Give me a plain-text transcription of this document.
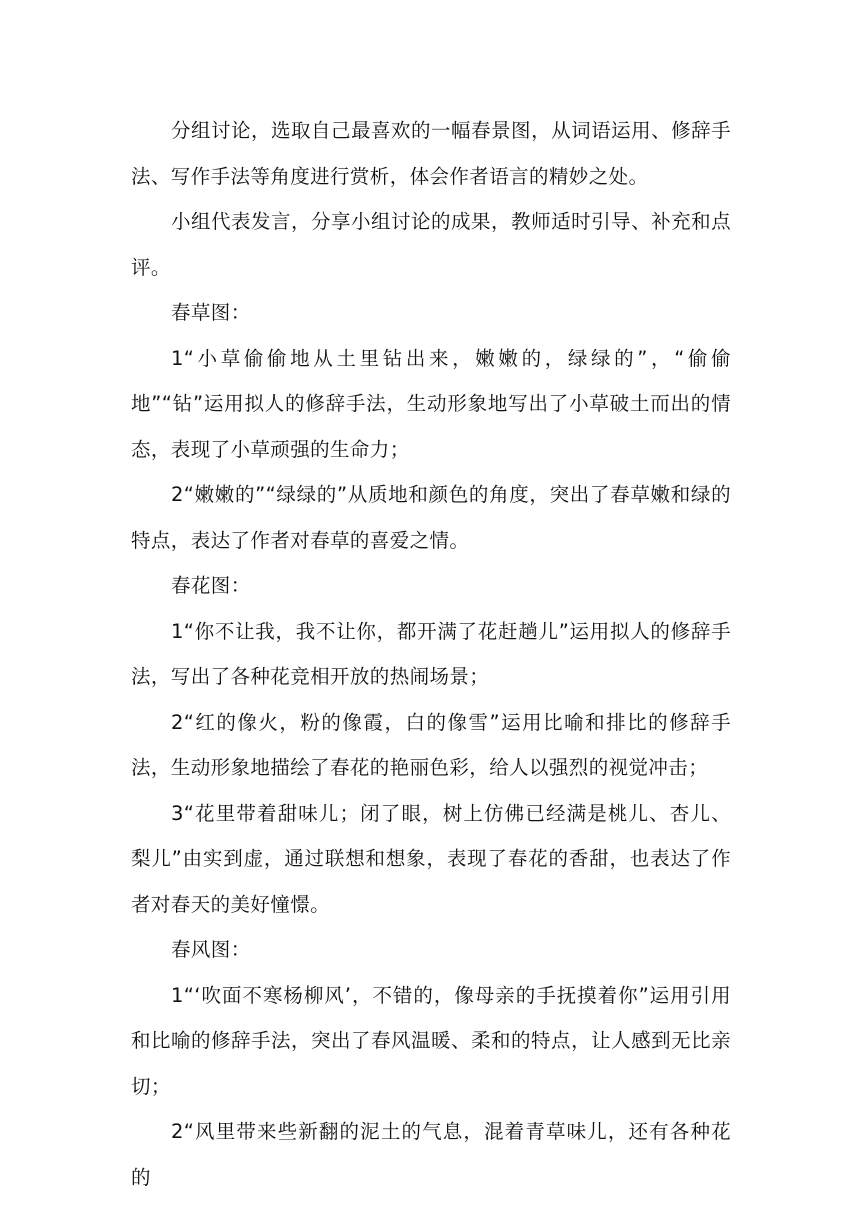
分组讨论，选取自己最喜欢的一幅春景图，从词语运用、修辞手法、写作手法等角度进行赏析，体会作者语言的精妙之处。

小组代表发言，分享小组讨论的成果，教师适时引导、补充和点评。

春草图：

1“小草偷偷地从土里钻出来，嫩嫩的，绿绿的”，“偷偷地”“钻”运用拟人的修辞手法，生动形象地写出了小草破土而出的情态，表现了小草顽强的生命力；

2“嫩嫩的”“绿绿的”从质地和颜色的角度，突出了春草嫩和绿的特点，表达了作者对春草的喜爱之情。

春花图：

1“你不让我，我不让你，都开满了花赶趟儿”运用拟人的修辞手法，写出了各种花竞相开放的热闹场景；

2“红的像火，粉的像霞，白的像雪”运用比喻和排比的修辞手法，生动形象地描绘了春花的艳丽色彩，给人以强烈的视觉冲击；

3“花里带着甜味儿；闭了眼，树上仿佛已经满是桃儿、杏儿、梨儿”由实到虚，通过联想和想象，表现了春花的香甜，也表达了作者对春天的美好憧憬。

春风图：

1“‘吹面不寒杨柳风’，不错的，像母亲的手抚摸着你”运用引用和比喻的修辞手法，突出了春风温暖、柔和的特点，让人感到无比亲切；

2“风里带来些新翻的泥土的气息，混着青草味儿，还有各种花的
